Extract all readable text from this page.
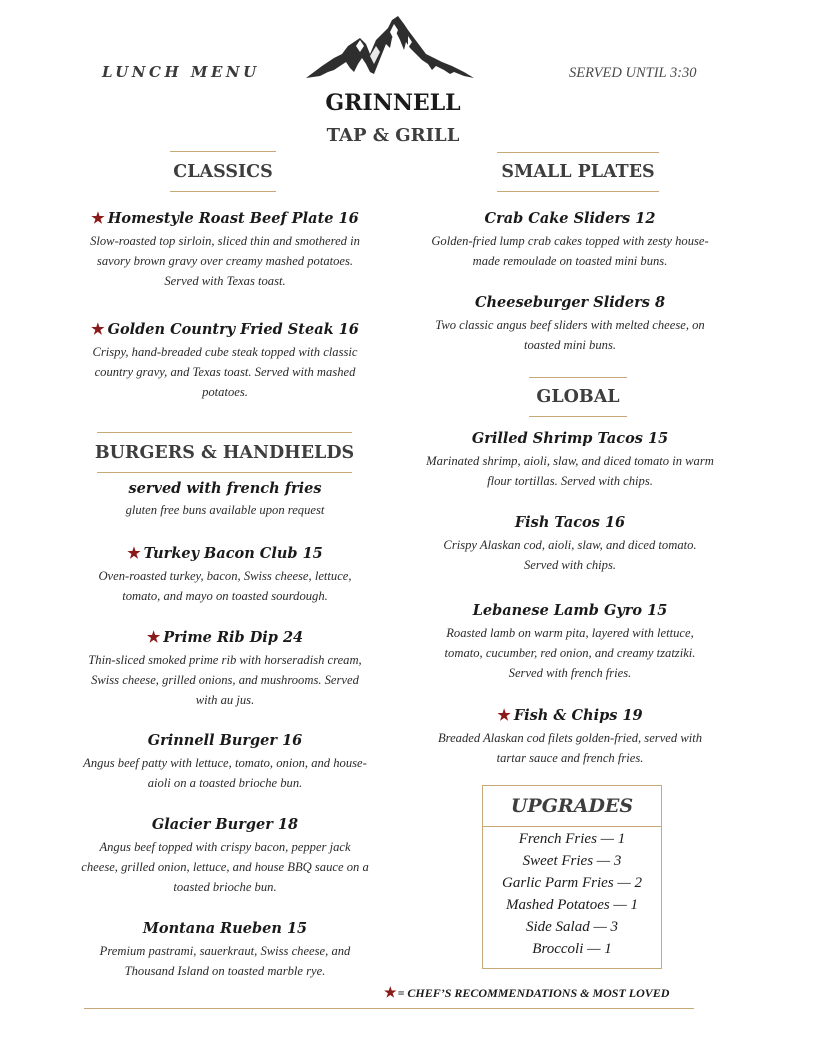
LUNCH MENU	SERVED UNTIL 3:30
GRINNELL
TAP & GRILL
CLASSICS
★ Homestyle Roast Beef Plate 16
Slow-roasted top sirloin, sliced thin and smothered in savory brown gravy over creamy mashed potatoes. Served with Texas toast.
★ Golden Country Fried Steak 16
Crispy, hand-breaded cube steak topped with classic country gravy, and Texas toast. Served with mashed potatoes.
BURGERS & HANDHELDS
served with french fries
gluten free buns available upon request
★ Turkey Bacon Club 15
Oven-roasted turkey, bacon, Swiss cheese, lettuce, tomato, and mayo on toasted sourdough.
★ Prime Rib Dip 24
Thin-sliced smoked prime rib with horseradish cream, Swiss cheese, grilled onions, and mushrooms. Served with au jus.
Grinnell Burger 16
Angus beef patty with lettuce, tomato, onion, and house-aioli on a toasted brioche bun.
Glacier Burger 18
Angus beef topped with crispy bacon, pepper jack cheese, grilled onion, lettuce, and house BBQ sauce on a toasted brioche bun.
Montana Rueben 15
Premium pastrami, sauerkraut, Swiss cheese, and Thousand Island on toasted marble rye.
SMALL PLATES
Crab Cake Sliders 12
Golden-fried lump crab cakes topped with zesty house-made remoulade on toasted mini buns.
Cheeseburger Sliders 8
Two classic angus beef sliders with melted cheese, on toasted mini buns.
GLOBAL
Grilled Shrimp Tacos 15
Marinated shrimp, aioli, slaw, and diced tomato in warm flour tortillas. Served with chips.
Fish Tacos 16
Crispy Alaskan cod, aioli, slaw, and diced tomato. Served with chips.
Lebanese Lamb Gyro 15
Roasted lamb on warm pita, layered with lettuce, tomato, cucumber, red onion, and creamy tzatziki. Served with french fries.
★ Fish & Chips 19
Breaded Alaskan cod filets golden-fried, served with tartar sauce and french fries.
UPGRADES
French Fries — 1
Sweet Fries — 3
Garlic Parm Fries — 2
Mashed Potatoes — 1
Side Salad — 3
Broccoli — 1
★= CHEF’S RECOMMENDATIONS & MOST LOVED
